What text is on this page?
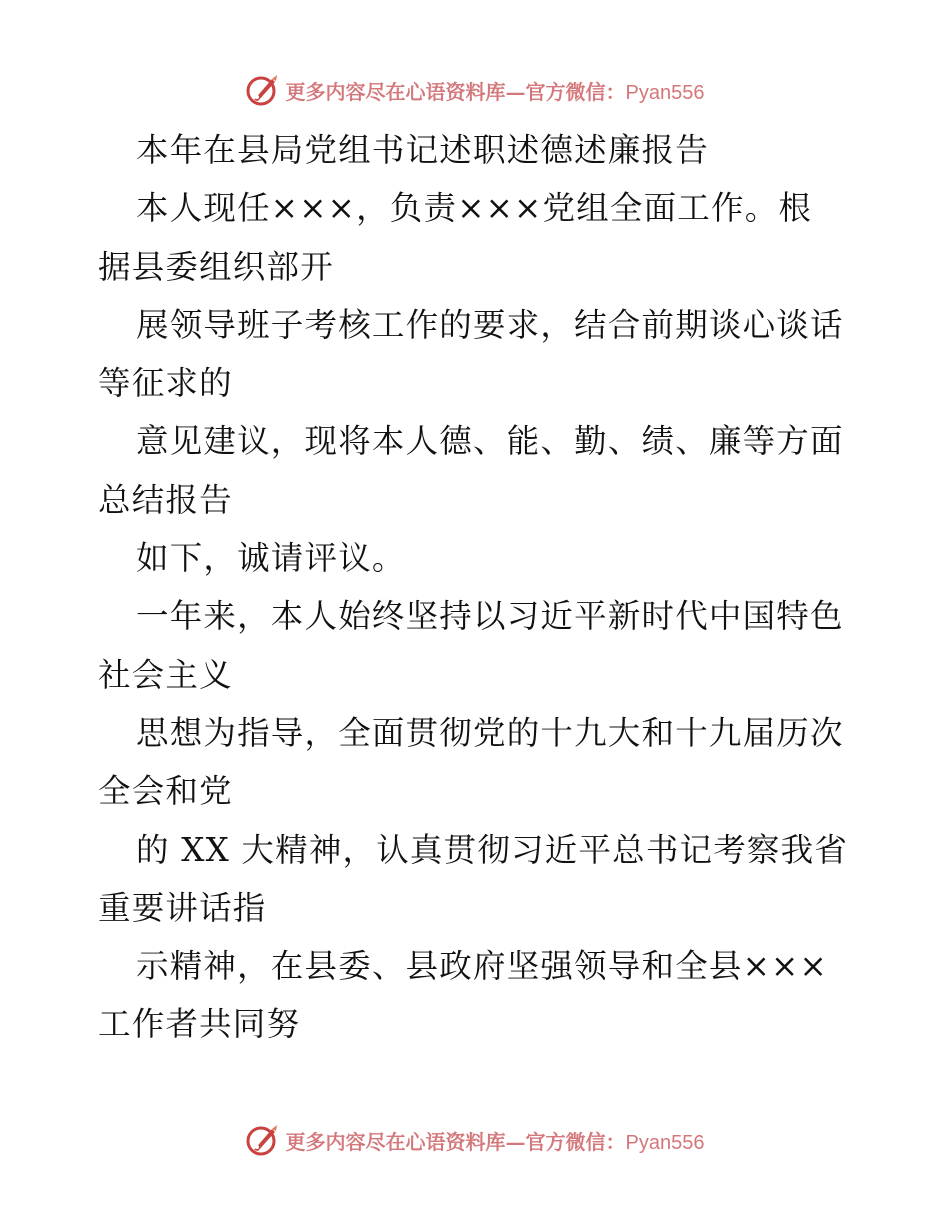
更多内容尽在心语资料库—官方微信：Pyan556

本年在县局党组书记述职述德述廉报告

本人现任×××，负责×××党组全面工作。根

据县委组织部开

展领导班子考核工作的要求，结合前期谈心谈话

等征求的

意见建议，现将本人德、能、勤、绩、廉等方面

总结报告

如下，诚请评议。

一年来，本人始终坚持以习近平新时代中国特色

社会主义

思想为指导，全面贯彻党的十九大和十九届历次

全会和党

的 XX 大精神，认真贯彻习近平总书记考察我省

重要讲话指

示精神，在县委、县政府坚强领导和全县×××

工作者共同努

更多内容尽在心语资料库—官方微信：Pyan556
